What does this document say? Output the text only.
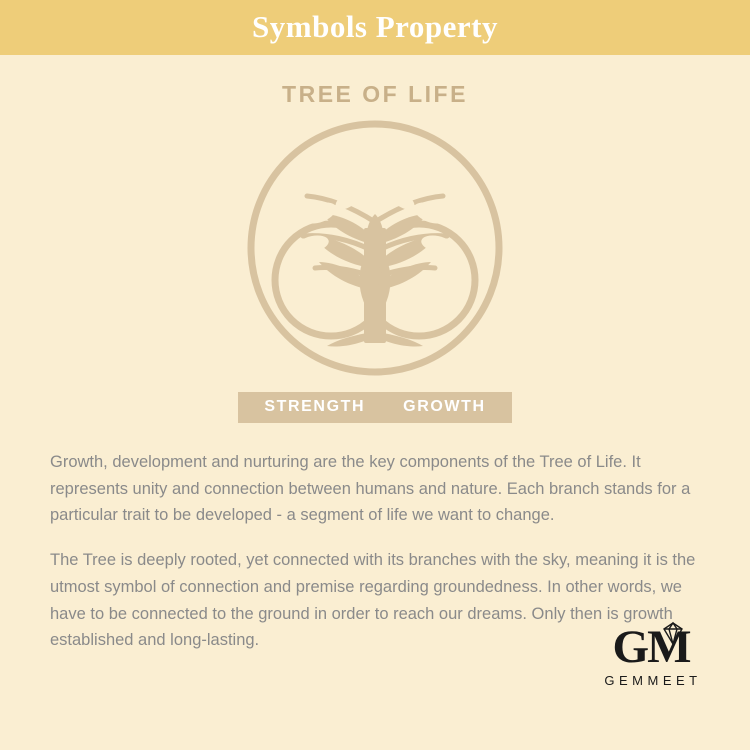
Symbols Property
TREE OF LIFE
STRENGTH GROWTH

Growth, development and nurturing are the key components of the Tree of Life. It represents unity and connection between humans and nature. Each branch stands for a particular trait to be developed - a segment of life we want to change.

The Tree is deeply rooted, yet connected with its branches with the sky, meaning it is the utmost symbol of connection and premise regarding groundedness. In other words, we have to be connected to the ground in order to reach our dreams. Only then is growth established and long-lasting.	GM
GEMMEET
